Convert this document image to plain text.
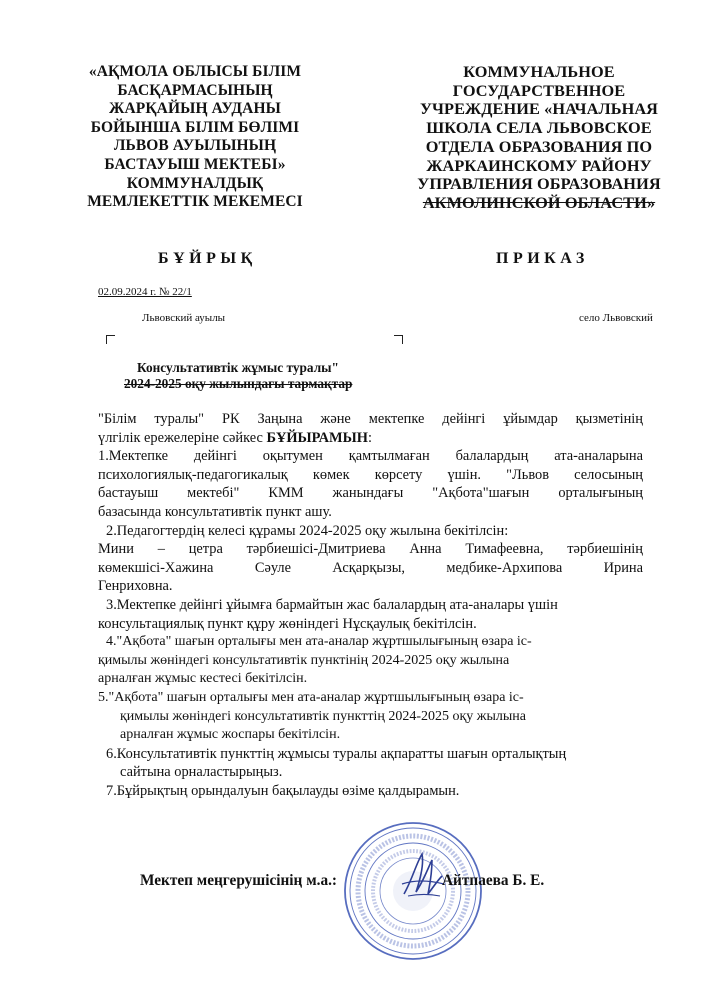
«АҚМОЛА ОБЛЫСЫ БІЛІМ
БАСҚАРМАСЫНЫҢ
ЖАРҚАЙЫҢ АУДАНЫ
БОЙЫНША БІЛІМ БӨЛІМІ
ЛЬВОВ АУЫЛЫНЫҢ
БАСТАУЫШ МЕКТЕБІ»
КОММУНАЛДЫҚ
МЕМЛЕКЕТТІК МЕКЕМЕСІ
КОММУНАЛЬНОЕ
ГОСУДАРСТВЕННОЕ
УЧРЕЖДЕНИЕ «НАЧАЛЬНАЯ
ШКОЛА СЕЛА ЛЬВОВСКОЕ
ОТДЕЛА ОБРАЗОВАНИЯ ПО
ЖАРКАИНСКОМУ РАЙОНУ
УПРАВЛЕНИЯ ОБРАЗОВАНИЯ
АКМОЛИНСКОЙ ОБЛАСТИ»
БҰЙРЫҚ	ПРИКАЗ
02.09.2024 г. № 22/1
Львовский ауылы	село Львовский
Консультативтік жұмыс туралы"
2024-2025 оқу жылындағы тармақтар

"Білім туралы" РК Заңына және мектепке дейінгі ұйымдар қызметінің

үлгілік ережелеріне сәйкес БҰЙЫРАМЫН:

1.Мектепке дейінгі оқытумен қамтылмаған балалардың ата-аналарына

психологиялық-педагогикалық көмек көрсету үшін. "Львов селосының

бастауыш мектебі" КММ жанындағы "Ақбота"шағын орталығының

базасында консультативтік пункт ашу.

2.Педагогтердің келесі құрамы 2024-2025 оқу жылына бекітілсін:

Мини – цетра тәрбиешісі-Дмитриева Анна Тимафеевна, тәрбиешінің

көмекшісі-Хажина Сәуле Асқарқызы, медбике-Архипова Ирина

Генриховна.

3.Мектепке дейінгі ұйымға бармайтын жас балалардың ата-аналары үшін

консультациялық пункт құру жөніндегі Нұсқаулық бекітілсін.

4."Ақбота" шағын орталығы мен ата-аналар жұртшылығының өзара іс-

қимылы жөніндегі консультативтік пунктінің 2024-2025 оқу жылына

арналған жұмыс кестесі бекітілсін.

5."Ақбота" шағын орталығы мен ата-аналар жұртшылығының өзара іс-

қимылы жөніндегі консультативтік пункттің 2024-2025 оқу жылына

арналған жұмыс жоспары бекітілсін.

6.Консультативтік пункттің жұмысы туралы ақпаратты шағын орталықтың

сайтына орналастырыңыз.

7.Бұйрықтың орындалуын бақылауды өзіме қалдырамын.

Мектеп меңгерушісінің м.а.:	Айтпаева Б. Е.
